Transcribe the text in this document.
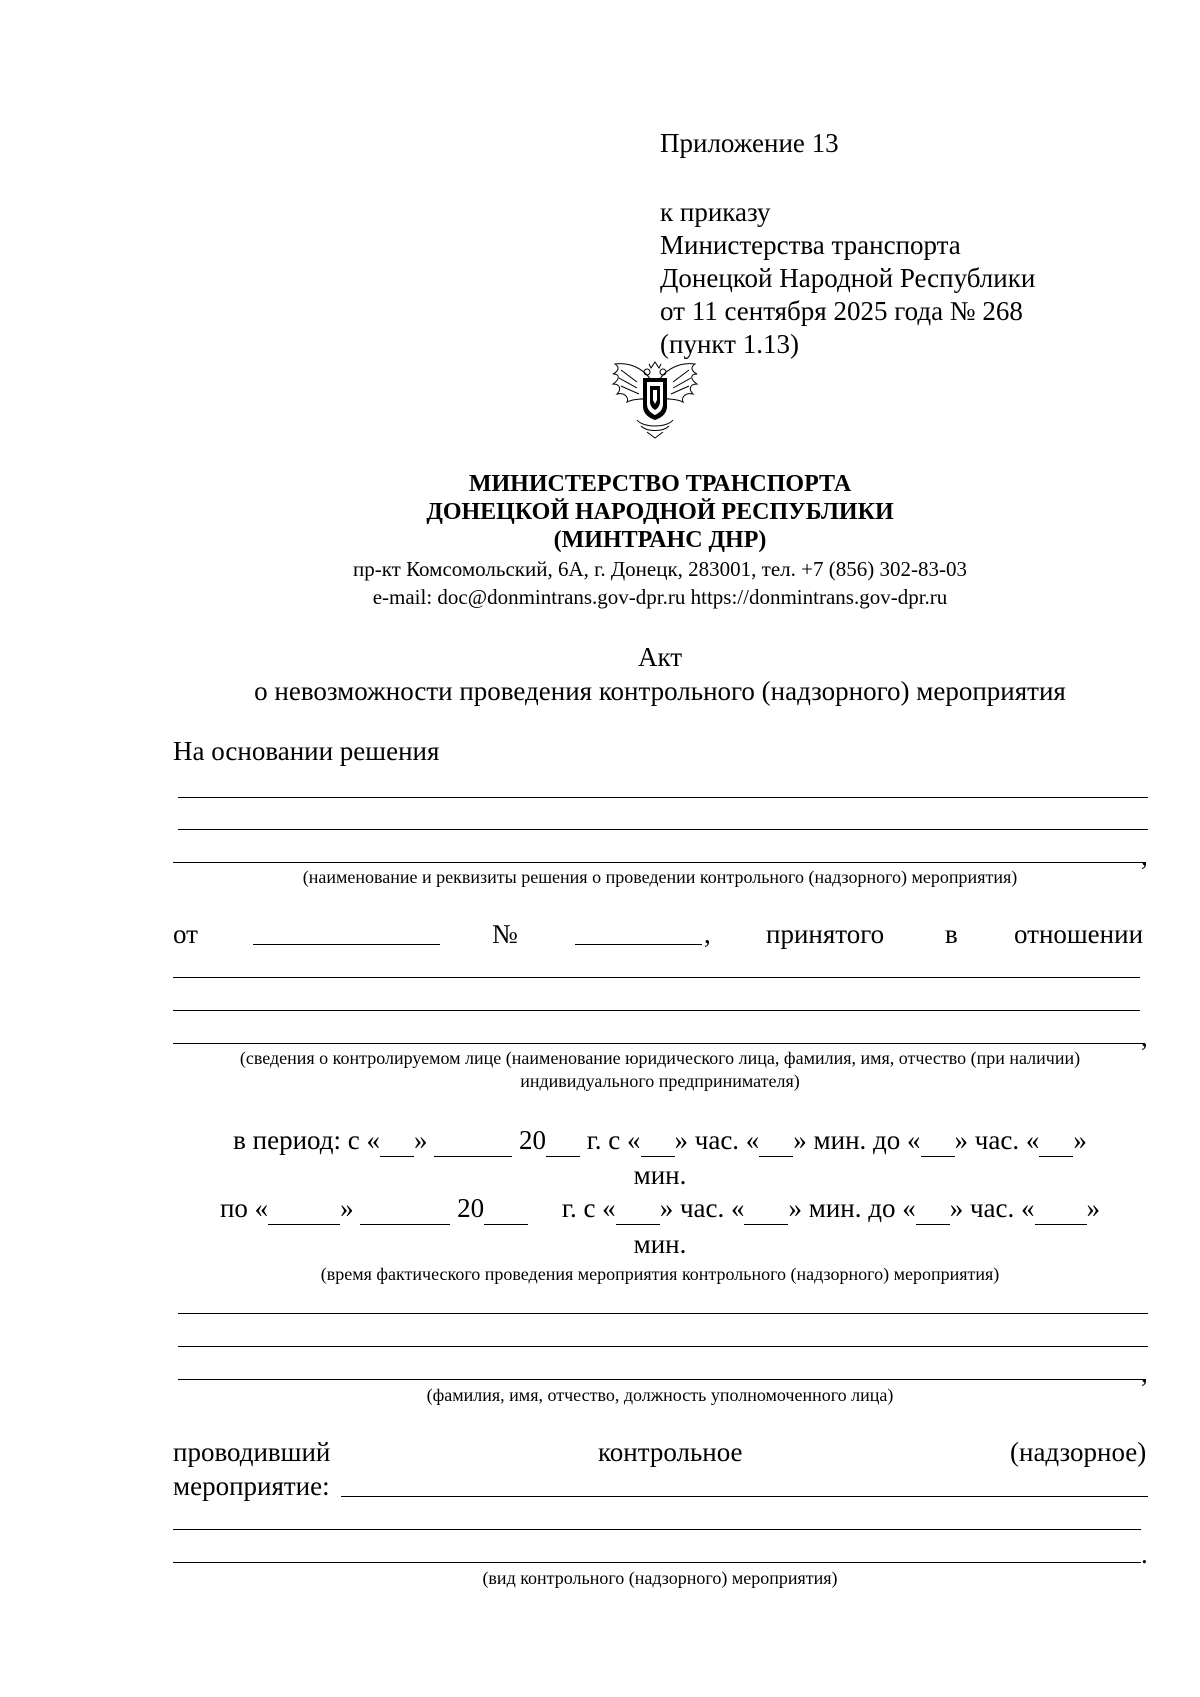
Приложение 13
к приказу
Министерства транспорта
Донецкой Народной Республики
от 11 сентября 2025 года № 268
(пункт 1.13)
МИНИСТЕРСТВО ТРАНСПОРТА
ДОНЕЦКОЙ НАРОДНОЙ РЕСПУБЛИКИ
(МИНТРАНС ДНР)
пр-кт Комсомольский, 6А, г. Донецк, 283001, тел. +7 (856) 302-83-03
e-mail: doc@donmintrans.gov-dpr.ru https://donmintrans.gov-dpr.ru
Акт
о невозможности проведения контрольного (надзорного) мероприятия
На основании решения
,
(наименование и реквизиты решения о проведении контрольного (надзорного) мероприятия)
от	№	, принятого в отношении
,
(сведения о контролируемом лице (наименование юридического лица, фамилия, имя, отчество (при наличии)
индивидуального предпринимателя)
в период: с « »	20  г. с « » час. « » мин. до « » час. « »
мин.
по «	»	20	г. с « » час. « » мин. до « » час. « »
мин.
(время фактического проведения мероприятия контрольного (надзорного) мероприятия)
,
(фамилия, имя, отчество, должность уполномоченного лица)
проводивший	контрольное	(надзорное)
мероприятие:
.
(вид контрольного (надзорного) мероприятия)
